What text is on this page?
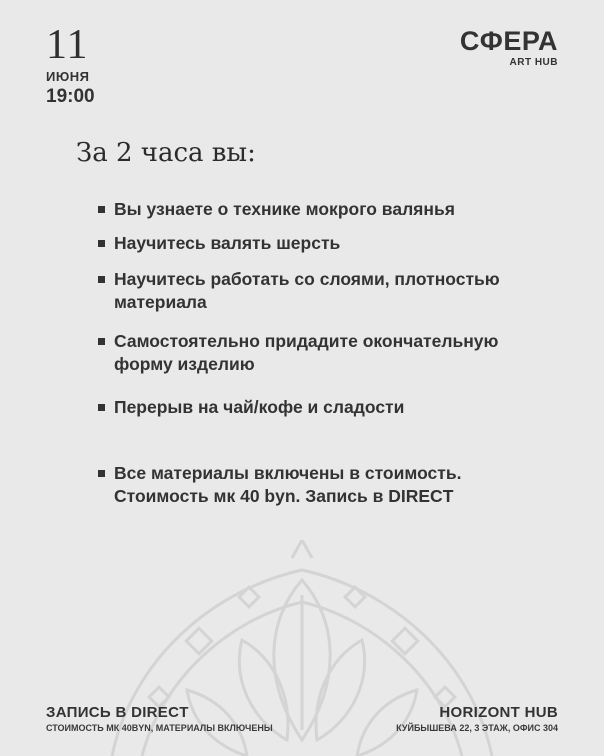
11
ИЮНЯ
19:00
СФЕРА
ART HUB
За 2 часа вы:
Вы узнаете о технике мокрого валянья
Научитесь валять шерсть
Научитесь работать со слоями, плотностью материала
Самостоятельно придадите окончательную форму изделию
Перерыв на чай/кофе и сладости
Все материалы включены в стоимость. Стоимость мк 40 byn. Запись в DIRECT
ЗАПИСЬ В DIRECT
СТОИМОСТЬ МК 40BYN, МАТЕРИАЛЫ ВКЛЮЧЕНЫ
HORIZONT HUB
КУЙБЫШЕВА 22, 3 ЭТАЖ, ОФИС 304
